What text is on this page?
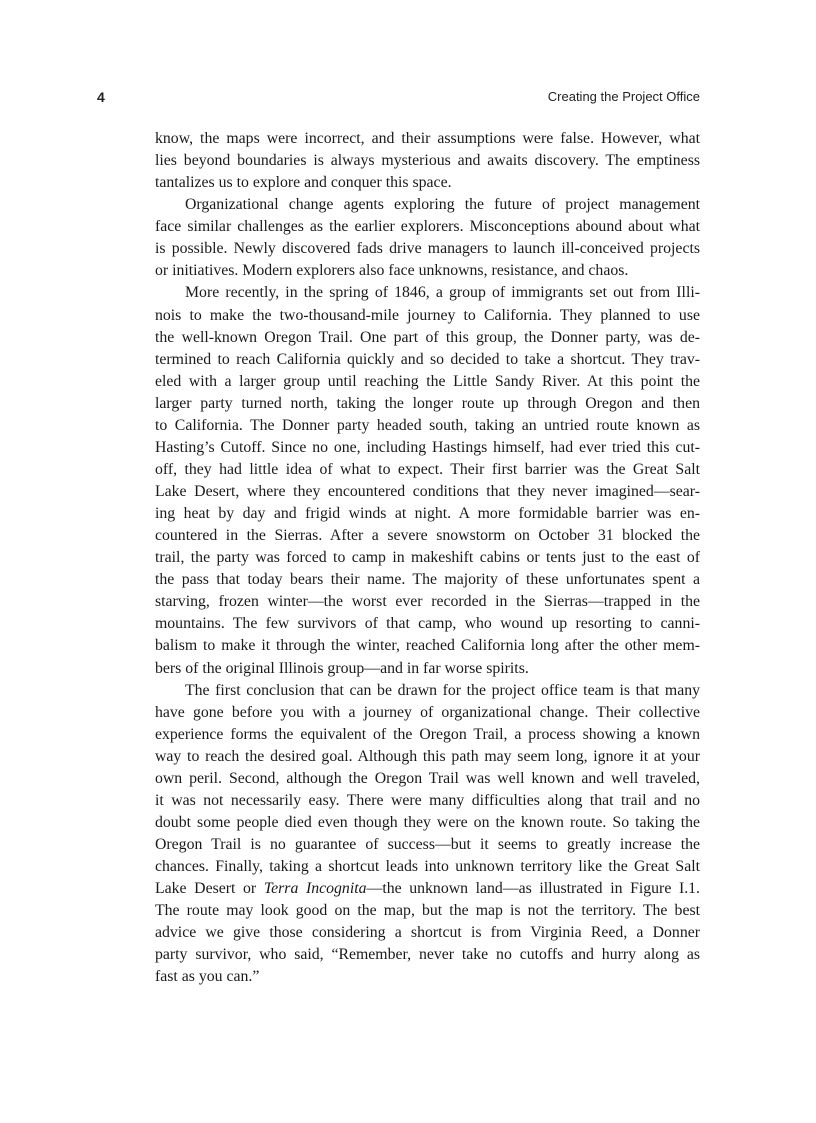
4	Creating the Project Office
know, the maps were incorrect, and their assumptions were false. However, what
lies beyond boundaries is always mysterious and awaits discovery. The emptiness
tantalizes us to explore and conquer this space.
Organizational change agents exploring the future of project management
face similar challenges as the earlier explorers. Misconceptions abound about what
is possible. Newly discovered fads drive managers to launch ill-conceived projects
or initiatives. Modern explorers also face unknowns, resistance, and chaos.
More recently, in the spring of 1846, a group of immigrants set out from Illi-
nois to make the two-thousand-mile journey to California. They planned to use
the well-known Oregon Trail. One part of this group, the Donner party, was de-
termined to reach California quickly and so decided to take a shortcut. They trav-
eled with a larger group until reaching the Little Sandy River. At this point the
larger party turned north, taking the longer route up through Oregon and then
to California. The Donner party headed south, taking an untried route known as
Hasting’s Cutoff. Since no one, including Hastings himself, had ever tried this cut-
off, they had little idea of what to expect. Their first barrier was the Great Salt
Lake Desert, where they encountered conditions that they never imagined—sear-
ing heat by day and frigid winds at night. A more formidable barrier was en-
countered in the Sierras. After a severe snowstorm on October 31 blocked the
trail, the party was forced to camp in makeshift cabins or tents just to the east of
the pass that today bears their name. The majority of these unfortunates spent a
starving, frozen winter—the worst ever recorded in the Sierras—trapped in the
mountains. The few survivors of that camp, who wound up resorting to canni-
balism to make it through the winter, reached California long after the other mem-
bers of the original Illinois group—and in far worse spirits.
The first conclusion that can be drawn for the project office team is that many
have gone before you with a journey of organizational change. Their collective
experience forms the equivalent of the Oregon Trail, a process showing a known
way to reach the desired goal. Although this path may seem long, ignore it at your
own peril. Second, although the Oregon Trail was well known and well traveled,
it was not necessarily easy. There were many difficulties along that trail and no
doubt some people died even though they were on the known route. So taking the
Oregon Trail is no guarantee of success—but it seems to greatly increase the
chances. Finally, taking a shortcut leads into unknown territory like the Great Salt
Lake Desert or Terra Incognita—the unknown land—as illustrated in Figure I.1.
The route may look good on the map, but the map is not the territory. The best
advice we give those considering a shortcut is from Virginia Reed, a Donner
party survivor, who said, “Remember, never take no cutoffs and hurry along as
fast as you can.”
